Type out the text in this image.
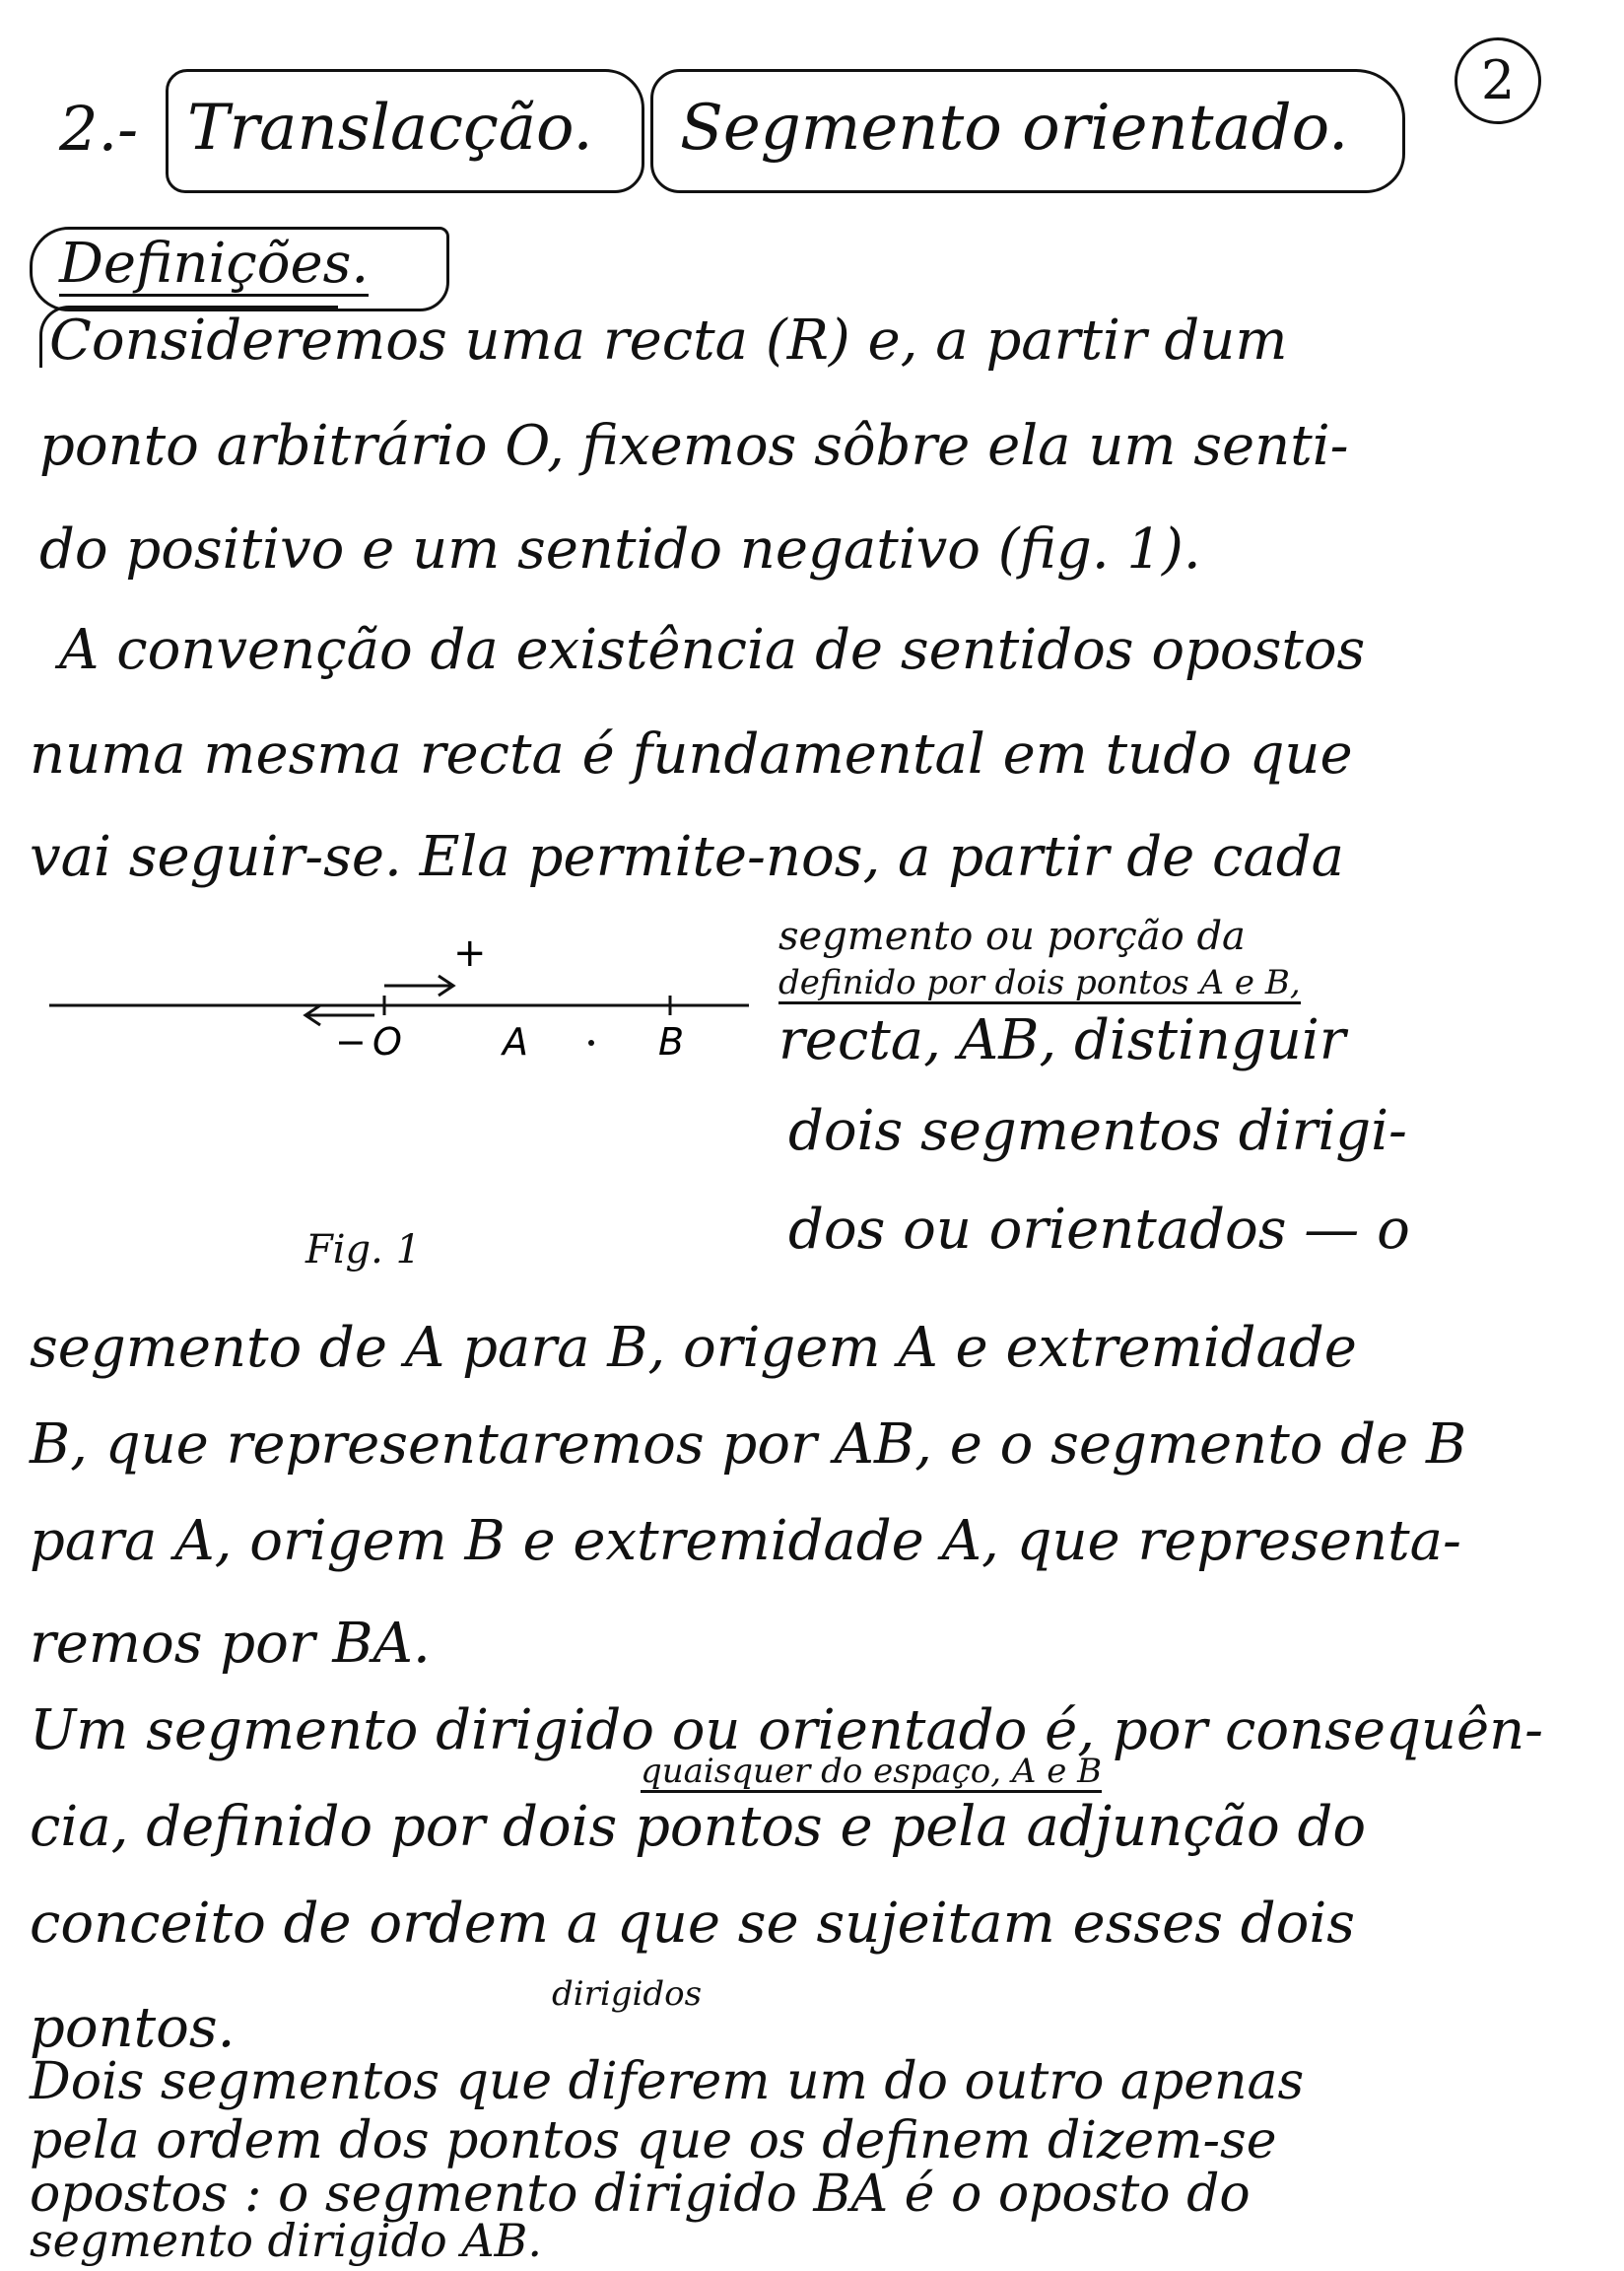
2.- Translacção. Segmento orientado.
2
Definições.
Consideremos uma recta (R) e, a partir dum
ponto arbitrário O, fixemos sôbre ela um senti-
do positivo e um sentido negativo (fig. 1).
A convenção da existência de sentidos opostos
numa mesma recta é fundamental em tudo que
vai seguir-se. Ela permite-nos, a partir de cada
segmento ou porção da
definido por dois pontos A e B,
recta, AB, distinguir
dois segmentos dirigi-
dos ou orientados — o
+
− O	A	B
Fig. 1
segmento de A para B, origem A e extremidade
B, que representaremos por AB, e o segmento de B
para A, origem B e extremidade A, que representa-
remos por BA.
Um segmento dirigido ou orientado é, por consequên-
quaisquer do espaço, A e B
cia, definido por dois pontos e pela adjunção do
conceito de ordem a que se sujeitam esses dois
pontos.
dirigidos
Dois segmentos que diferem um do outro apenas
pela ordem dos pontos que os definem dizem-se
opostos : o segmento dirigido BA é o oposto do
segmento dirigido AB.
